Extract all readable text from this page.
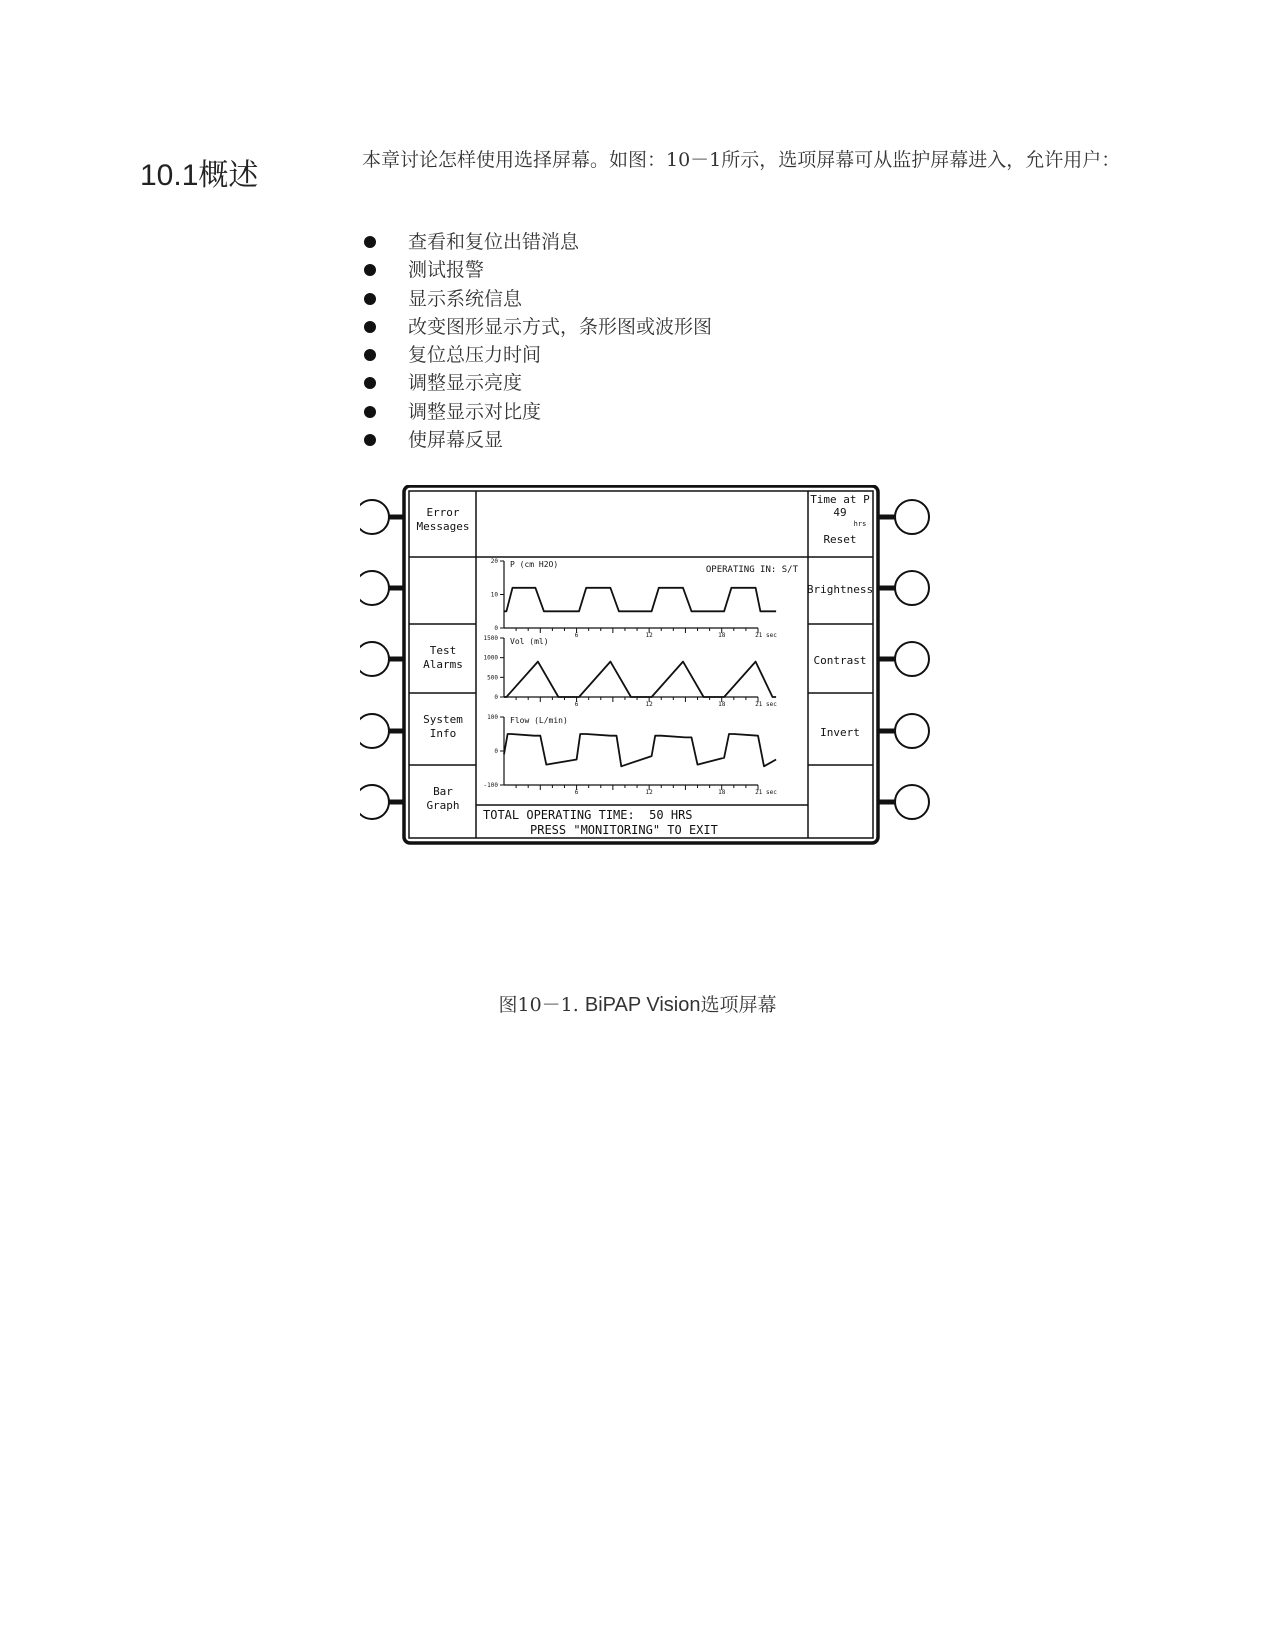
10.1概述	本章讨论怎样使用选择屏幕。如图：10－1所示，选项屏幕可从监护屏幕进入，允许用户：

查看和复位出错消息
测试报警
显示系统信息
改变图形显示方式，条形图或波形图
复位总压力时间
调整显示亮度
调整显示对比度
使屏幕反显
Error
Messages
Test
Alarms
System
Info
Bar
Graph
Time at P
49
hrs
Reset
Brightness
Contrast
Invert
OPERATING IN: S/T
6	12	18	21 sec
20
10
0
P (cm H2O)
6	12	18	21 sec
1500
1000
500
0
Vol (ml)
6	12	18	21 sec
100
0
-100
Flow (L/min)
TOTAL OPERATING TIME:  50 HRS
PRESS "MONITORING" TO EXIT

图10－1. BiPAP Vision选项屏幕
